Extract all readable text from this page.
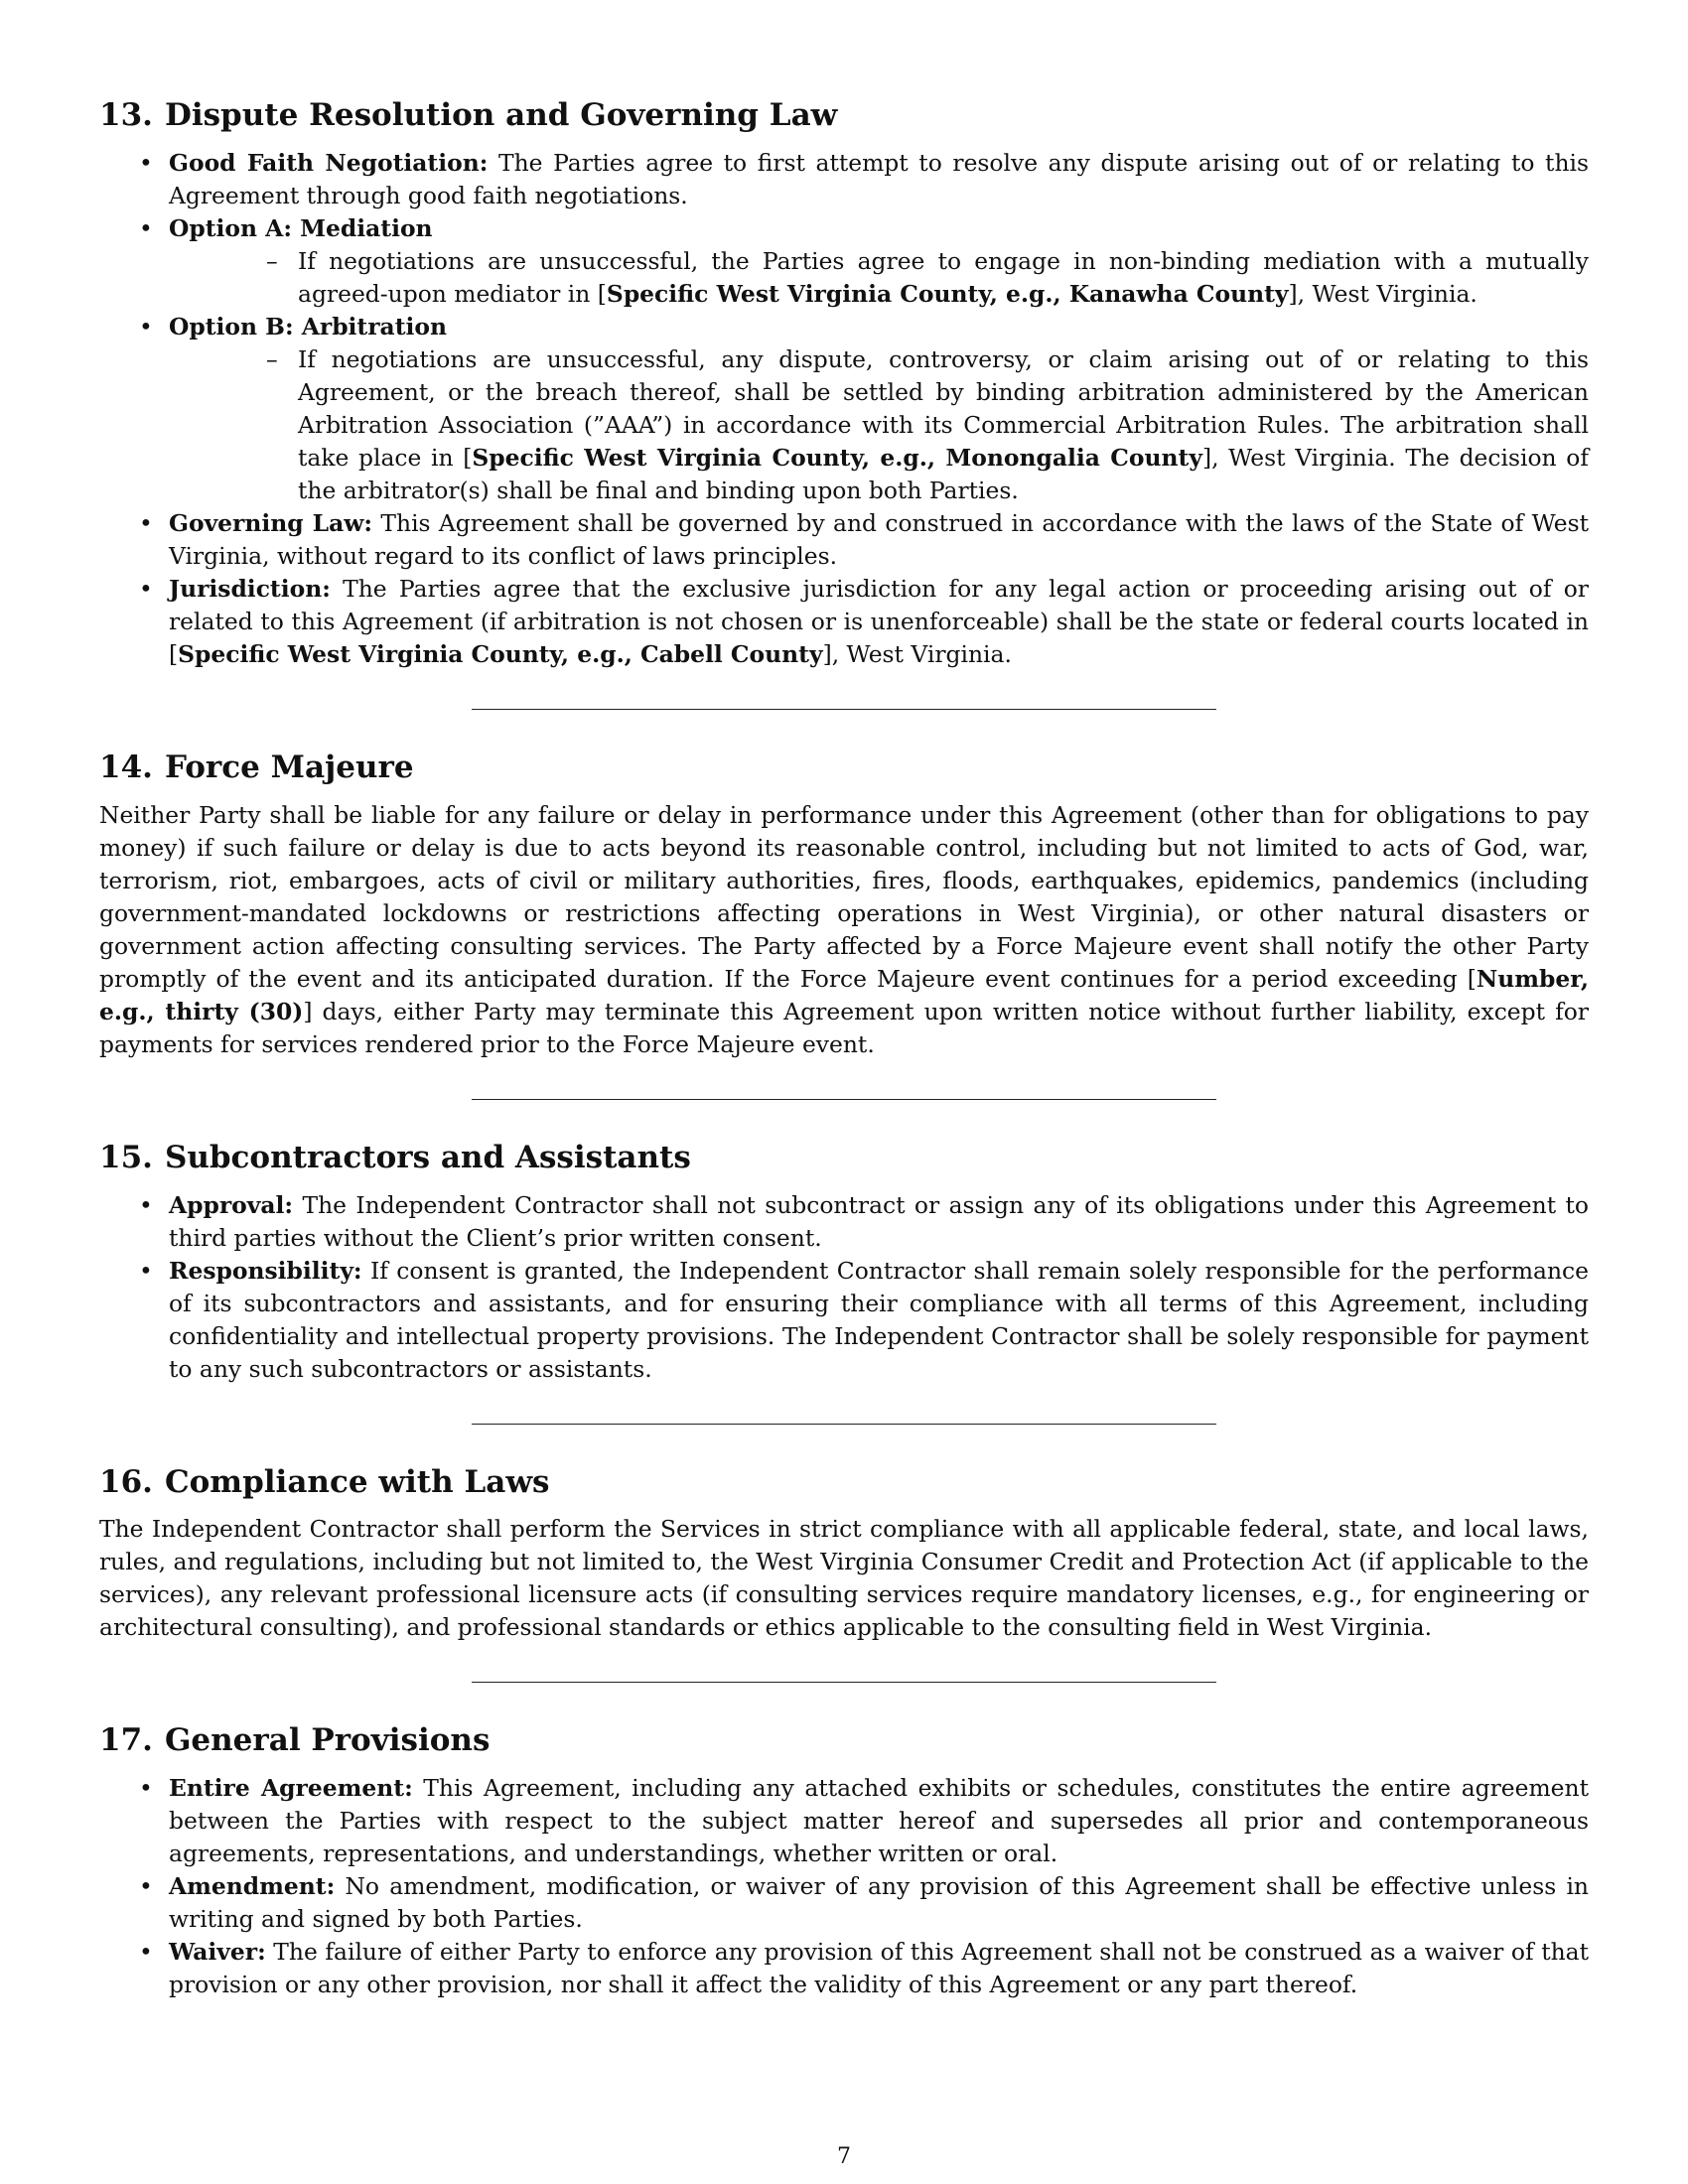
13. Dispute Resolution and Governing Law
• Good Faith Negotiation: The Parties agree to first attempt to resolve any dispute arising out of or relating to this Agreement through good faith negotiations.
• Option A: Mediation
– If negotiations are unsuccessful, the Parties agree to engage in non-binding mediation with a mutually agreed-upon mediator in [Specific West Virginia County, e.g., Kanawha County], West Virginia.
• Option B: Arbitration
– If negotiations are unsuccessful, any dispute, controversy, or claim arising out of or relating to this Agreement, or the breach thereof, shall be settled by binding arbitration administered by the American Arbitration Association (”AAA”) in accordance with its Commercial Arbitration Rules. The arbitration shall take place in [Specific West Virginia County, e.g., Monongalia County], West Virginia. The decision of the arbitrator(s) shall be final and binding upon both Parties.
• Governing Law: This Agreement shall be governed by and construed in accordance with the laws of the State of West Virginia, without regard to its conflict of laws principles.
• Jurisdiction: The Parties agree that the exclusive jurisdiction for any legal action or proceeding arising out of or related to this Agreement (if arbitration is not chosen or is unenforceable) shall be the state or federal courts located in [Specific West Virginia County, e.g., Cabell County], West Virginia.
14. Force Majeure

Neither Party shall be liable for any failure or delay in performance under this Agreement (other than for obligations to pay money) if such failure or delay is due to acts beyond its reasonable control, including but not limited to acts of God, war, terrorism, riot, embargoes, acts of civil or military authorities, fires, floods, earthquakes, epidemics, pandemics (including government-mandated lockdowns or restrictions affecting operations in West Virginia), or other natural disasters or government action affecting consulting services. The Party affected by a Force Majeure event shall notify the other Party promptly of the event and its anticipated duration. If the Force Majeure event continues for a period exceeding [Number, e.g., thirty (30)] days, either Party may terminate this Agreement upon written notice without further liability, except for payments for services rendered prior to the Force Majeure event.

15. Subcontractors and Assistants
• Approval: The Independent Contractor shall not subcontract or assign any of its obligations under this Agreement to third parties without the Client’s prior written consent.
• Responsibility: If consent is granted, the Independent Contractor shall remain solely responsible for the performance of its subcontractors and assistants, and for ensuring their compliance with all terms of this Agreement, including confidentiality and intellectual property provisions. The Independent Contractor shall be solely responsible for payment to any such subcontractors or assistants.
16. Compliance with Laws

The Independent Contractor shall perform the Services in strict compliance with all applicable federal, state, and local laws, rules, and regulations, including but not limited to, the West Virginia Consumer Credit and Protection Act (if applicable to the services), any relevant professional licensure acts (if consulting services require mandatory licenses, e.g., for engineering or architectural consulting), and professional standards or ethics applicable to the consulting field in West Virginia.

17. General Provisions
• Entire Agreement: This Agreement, including any attached exhibits or schedules, constitutes the entire agreement between the Parties with respect to the subject matter hereof and supersedes all prior and contemporaneous agreements, representations, and understandings, whether written or oral.
• Amendment: No amendment, modification, or waiver of any provision of this Agreement shall be effective unless in writing and signed by both Parties.
• Waiver: The failure of either Party to enforce any provision of this Agreement shall not be construed as a waiver of that provision or any other provision, nor shall it affect the validity of this Agreement or any part thereof.
7
